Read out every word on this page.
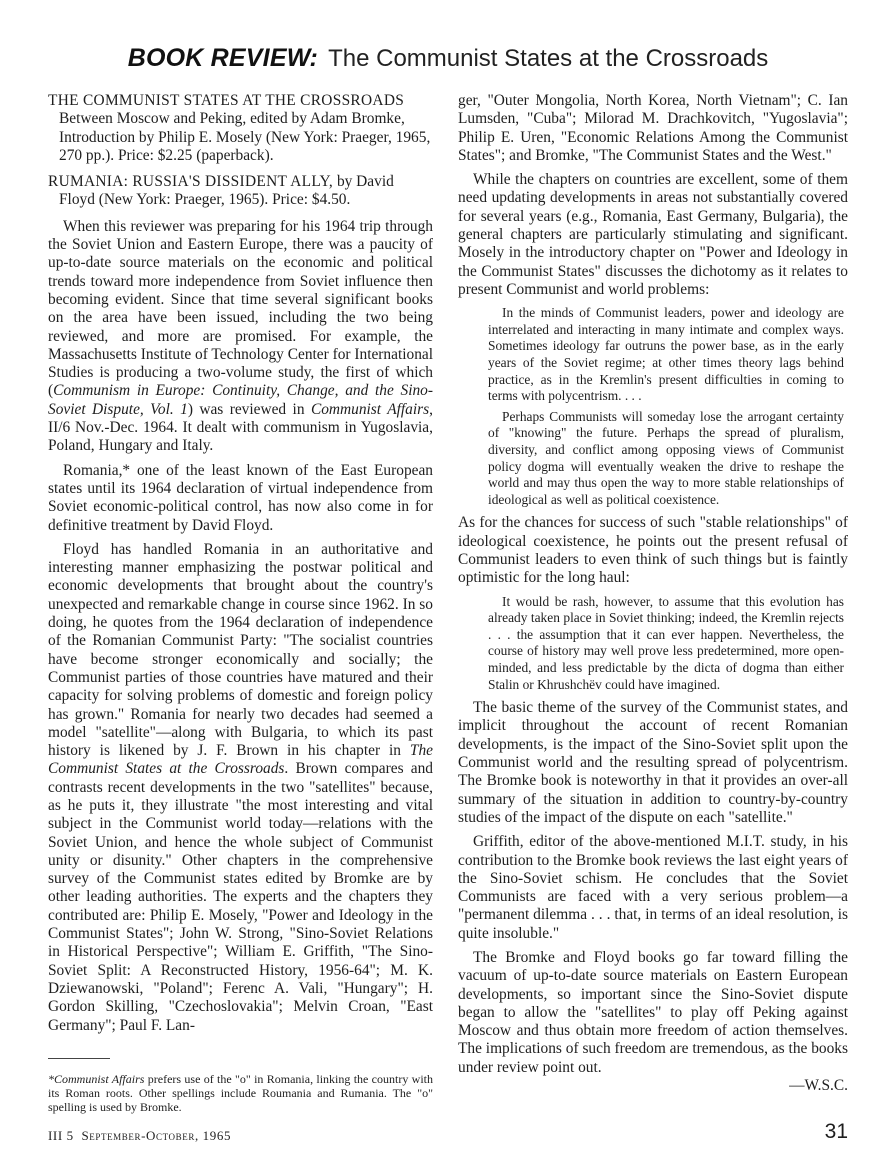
BOOK REVIEW: The Communist States at the Crossroads

THE COMMUNIST STATES AT THE CROSSROADS Between Moscow and Peking, edited by Adam Bromke, Introduction by Philip E. Mosely (New York: Praeger, 1965, 270 pp.). Price: $2.25 (paperback).

RUMANIA: RUSSIA'S DISSIDENT ALLY, by David Floyd (New York: Praeger, 1965). Price: $4.50.

When this reviewer was preparing for his 1964 trip through the Soviet Union and Eastern Europe, there was a paucity of up-to-date source materials on the economic and political trends toward more independence from Soviet influence then becoming evident. Since that time several significant books on the area have been issued, including the two being reviewed, and more are promised. For example, the Massachusetts Institute of Technology Center for International Studies is producing a two-volume study, the first of which (Communism in Europe: Continuity, Change, and the Sino-Soviet Dispute, Vol. 1) was reviewed in Communist Affairs, II/6 Nov.-Dec. 1964. It dealt with communism in Yugoslavia, Poland, Hungary and Italy.

Romania,* one of the least known of the East European states until its 1964 declaration of virtual independence from Soviet economic-political control, has now also come in for definitive treatment by David Floyd.

Floyd has handled Romania in an authoritative and interesting manner emphasizing the postwar political and economic developments that brought about the country's unexpected and remarkable change in course since 1962. In so doing, he quotes from the 1964 declaration of independence of the Romanian Communist Party: "The socialist countries have become stronger economically and socially; the Communist parties of those countries have matured and their capacity for solving problems of domestic and foreign policy has grown." Romania for nearly two decades had seemed a model "satellite"—along with Bulgaria, to which its past history is likened by J. F. Brown in his chapter in The Communist States at the Crossroads. Brown compares and contrasts recent developments in the two "satellites" because, as he puts it, they illustrate "the most interesting and vital subject in the Communist world today—relations with the Soviet Union, and hence the whole subject of Communist unity or disunity." Other chapters in the comprehensive survey of the Communist states edited by Bromke are by other leading authorities. The experts and the chapters they contributed are: Philip E. Mosely, "Power and Ideology in the Communist States"; John W. Strong, "Sino-Soviet Relations in Historical Perspective"; William E. Griffith, "The Sino-Soviet Split: A Reconstructed History, 1956-64"; M. K. Dziewanowski, "Poland"; Ferenc A. Vali, "Hungary"; H. Gordon Skilling, "Czechoslovakia"; Melvin Croan, "East Germany"; Paul F. Lan-

*Communist Affairs prefers use of the "o" in Romania, linking the country with its Roman roots. Other spellings include Roumania and Rumania. The "o" spelling is used by Bromke.

ger, "Outer Mongolia, North Korea, North Vietnam"; C. Ian Lumsden, "Cuba"; Milorad M. Drachkovitch, "Yugoslavia"; Philip E. Uren, "Economic Relations Among the Communist States"; and Bromke, "The Communist States and the West."

While the chapters on countries are excellent, some of them need updating developments in areas not substantially covered for several years (e.g., Romania, East Germany, Bulgaria), the general chapters are particularly stimulating and significant. Mosely in the introductory chapter on "Power and Ideology in the Communist States" discusses the dichotomy as it relates to present Communist and world problems:

In the minds of Communist leaders, power and ideology are interrelated and interacting in many intimate and complex ways. Sometimes ideology far outruns the power base, as in the early years of the Soviet regime; at other times theory lags behind practice, as in the Kremlin's present difficulties in coming to terms with polycentrism. . . .

Perhaps Communists will someday lose the arrogant certainty of "knowing" the future. Perhaps the spread of pluralism, diversity, and conflict among opposing views of Communist policy dogma will eventually weaken the drive to reshape the world and may thus open the way to more stable relationships of ideological as well as political coexistence.

As for the chances for success of such "stable relationships" of ideological coexistence, he points out the present refusal of Communist leaders to even think of such things but is faintly optimistic for the long haul:

It would be rash, however, to assume that this evolution has already taken place in Soviet thinking; indeed, the Kremlin rejects . . . the assumption that it can ever happen. Nevertheless, the course of history may well prove less predetermined, more open-minded, and less predictable by the dicta of dogma than either Stalin or Khrushchëv could have imagined.

The basic theme of the survey of the Communist states, and implicit throughout the account of recent Romanian developments, is the impact of the Sino-Soviet split upon the Communist world and the resulting spread of polycentrism. The Bromke book is noteworthy in that it provides an over-all summary of the situation in addition to country-by-country studies of the impact of the dispute on each "satellite."

Griffith, editor of the above-mentioned M.I.T. study, in his contribution to the Bromke book reviews the last eight years of the Sino-Soviet schism. He concludes that the Soviet Communists are faced with a very serious problem—a "permanent dilemma . . . that, in terms of an ideal resolution, is quite insoluble."

The Bromke and Floyd books go far toward filling the vacuum of up-to-date source materials on Eastern European developments, so important since the Sino-Soviet dispute began to allow the "satellites" to play off Peking against Moscow and thus obtain more freedom of action themselves. The implications of such freedom are tremendous, as the books under review point out.

—W.S.C.
III 5 September-October, 1965	31
